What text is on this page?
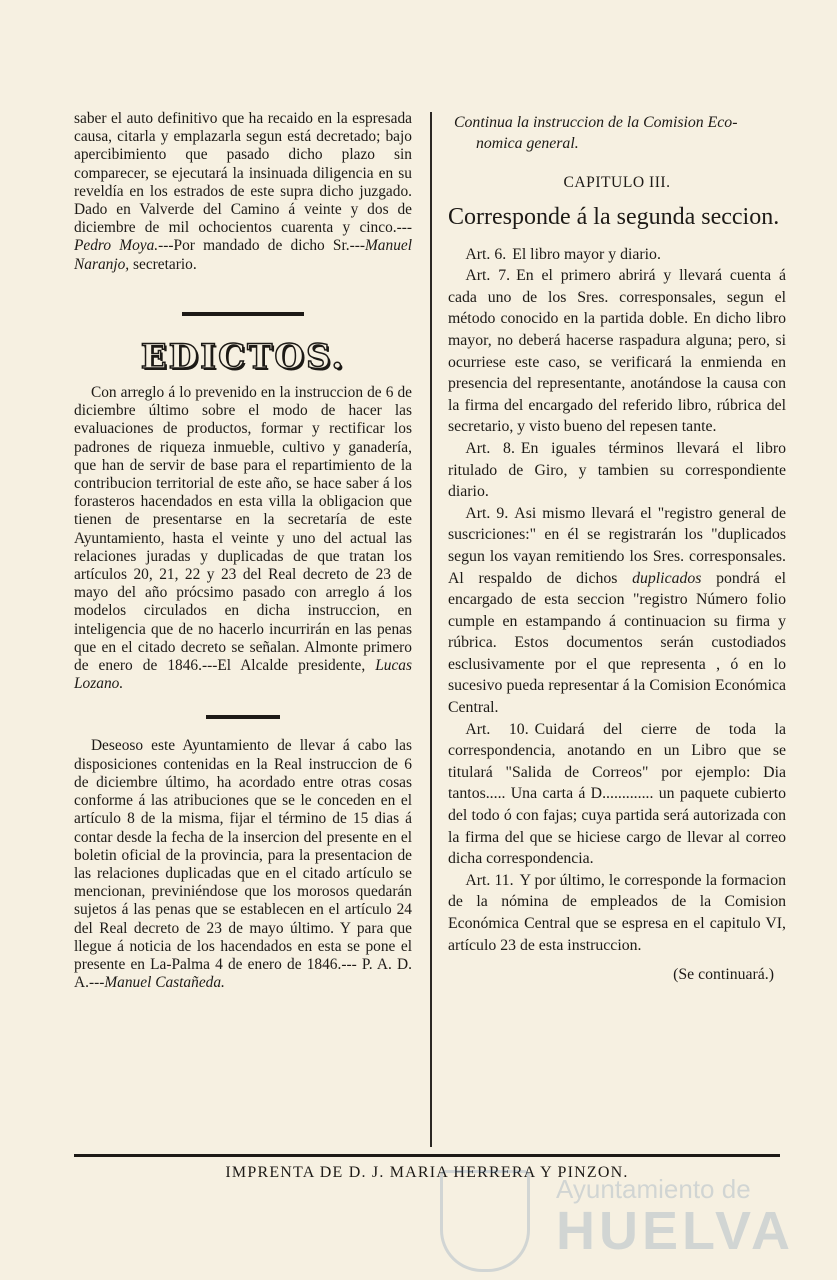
saber el auto definitivo que ha recaido en la espresada causa, citarla y emplazarla segun está decretado; bajo apercibimiento que pasado dicho plazo sin comparecer, se ejecutará la insinuada diligencia en su reveldía en los estrados de este supra dicho juzgado. Dado en Valverde del Camino á veinte y dos de diciembre de mil ochocientos cuarenta y cinco.---Pedro Moya.---Por mandado de dicho Sr.---Manuel Naranjo, secretario.

EDICTOS.

Con arreglo á lo prevenido en la instruccion de 6 de diciembre último sobre el modo de hacer las evaluaciones de productos, formar y rectificar los padrones de riqueza inmueble, cultivo y ganadería, que han de servir de base para el repartimiento de la contribucion territorial de este año, se hace saber á los forasteros hacendados en esta villa la obligacion que tienen de presentarse en la secretaría de este Ayuntamiento, hasta el veinte y uno del actual las relaciones juradas y duplicadas de que tratan los artículos 20, 21, 22 y 23 del Real decreto de 23 de mayo del año prócsimo pasado con arreglo á los modelos circulados en dicha instruccion, en inteligencia que de no hacerlo incurrirán en las penas que en el citado decreto se señalan. Almonte primero de enero de 1846.---El Alcalde presidente, Lucas Lozano.

Deseoso este Ayuntamiento de llevar á cabo las disposiciones contenidas en la Real instruccion de 6 de diciembre último, ha acordado entre otras cosas conforme á las atribuciones que se le conceden en el artículo 8 de la misma, fijar el término de 15 dias á contar desde la fecha de la insercion del presente en el boletin oficial de la provincia, para la presentacion de las relaciones duplicadas que en el citado artículo se mencionan, previniéndose que los morosos quedarán sujetos á las penas que se establecen en el artículo 24 del Real decreto de 23 de mayo último. Y para que llegue á noticia de los hacendados en esta se pone el presente en La-Palma 4 de enero de 1846.--- P. A. D. A.---Manuel Castañeda.

Continua la instruccion de la Comision Eco-
nomica general.

CAPITULO III.
Corresponde á la segunda seccion.

Art. 6. El libro mayor y diario.

Art. 7. En el primero abrirá y llevará cuenta á cada uno de los Sres. corresponsales, segun el método conocido en la partida doble. En dicho libro mayor, no deberá hacerse raspadura alguna; pero, si ocurriese este caso, se verificará la enmienda en presencia del representante, anotándose la causa con la firma del encargado del referido libro, rúbrica del secretario, y visto bueno del repesen tante.

Art. 8. En iguales términos llevará el libro ritulado de Giro, y tambien su correspondiente diario.

Art. 9. Asi mismo llevará el "registro general de suscriciones:" en él se registrarán los "duplicados segun los vayan remitiendo los Sres. corresponsales. Al respaldo de dichos duplicados pondrá el encargado de esta seccion "registro Número folio cumple en estampando á continuacion su firma y rúbrica. Estos documentos serán custodiados esclusivamente por el que representa , ó en lo sucesivo pueda representar á la Comision Económica Central.

Art. 10. Cuidará del cierre de toda la correspondencia, anotando en un Libro que se titulará "Salida de Correos" por ejemplo: Dia tantos..... Una carta á D............. un paquete cubierto del todo ó con fajas; cuya partida será autorizada con la firma del que se hiciese cargo de llevar al correo dicha correspondencia.

Art. 11. Y por último, le corresponde la formacion de la nómina de empleados de la Comision Económica Central que se espresa en el capitulo VI, artículo 23 de esta instruccion.

(Se continuará.)
IMPRENTA DE D. J. MARIA HERRERA Y PINZON.
Ayuntamiento de
HUELVA
